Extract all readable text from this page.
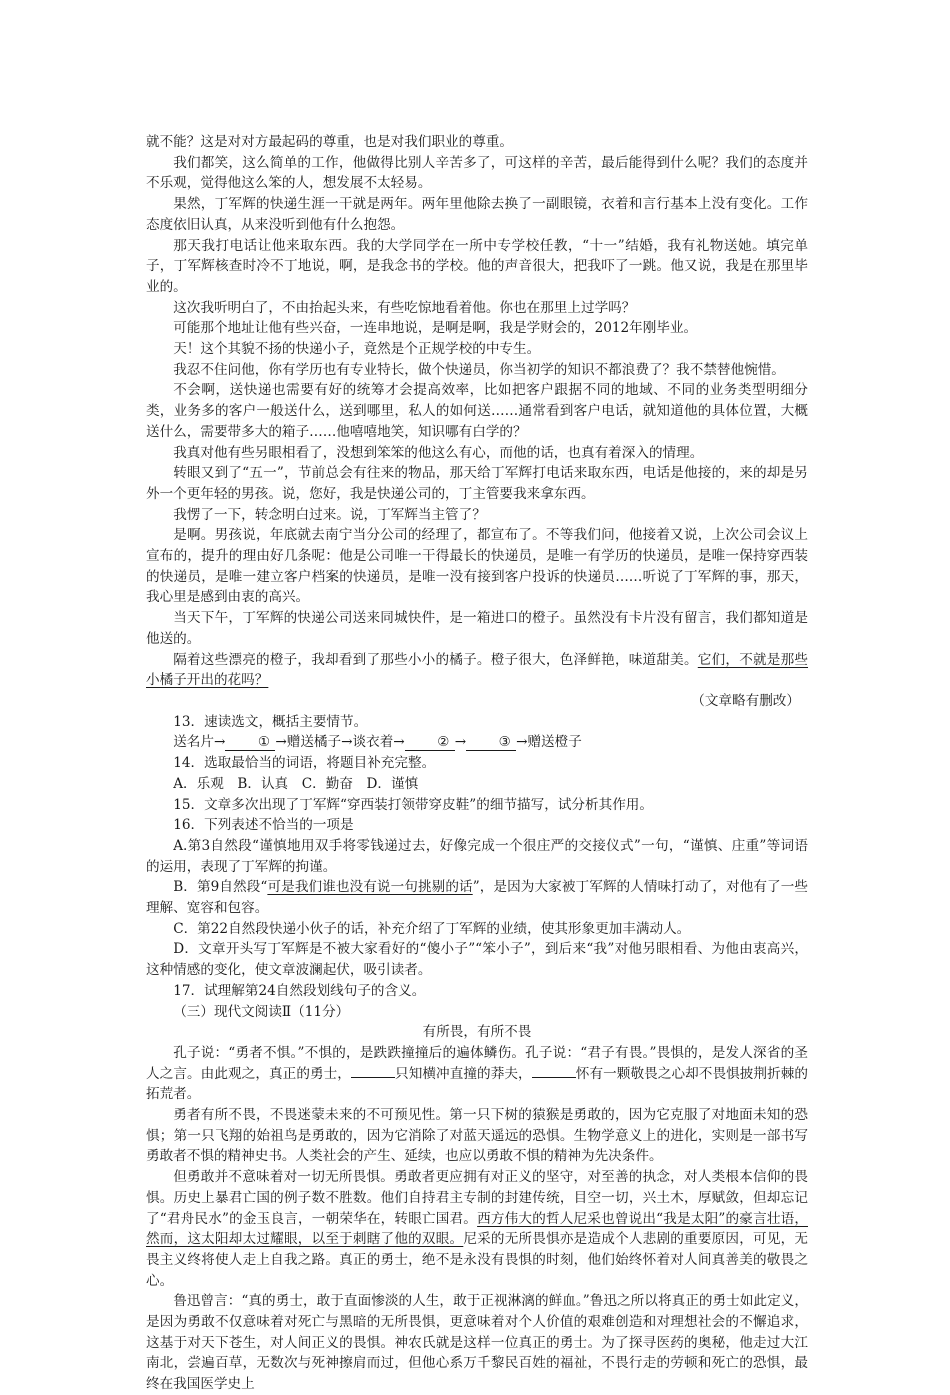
就不能？这是对对方最起码的尊重，也是对我们职业的尊重。

我们都笑，这么简单的工作，他做得比别人辛苦多了，可这样的辛苦，最后能得到什么呢？我们的态度并不乐观，觉得他这么笨的人，想发展不太轻易。

果然，丁军辉的快递生涯一干就是两年。两年里他除去换了一副眼镜，衣着和言行基本上没有变化。工作态度依旧认真，从来没听到他有什么抱怨。

那天我打电话让他来取东西。我的大学同学在一所中专学校任教，“十一”结婚，我有礼物送她。填完单子，丁军辉核查时冷不丁地说，啊，是我念书的学校。他的声音很大，把我吓了一跳。他又说，我是在那里毕业的。

这次我听明白了，不由抬起头来，有些吃惊地看着他。你也在那里上过学吗？

可能那个地址让他有些兴奋，一连串地说，是啊是啊，我是学财会的，2012年刚毕业。

天！这个其貌不扬的快递小子，竟然是个正规学校的中专生。

我忍不住问他，你有学历也有专业特长，做个快递员，你当初学的知识不都浪费了？我不禁替他惋惜。

不会啊，送快递也需要有好的统筹才会提高效率，比如把客户跟据不同的地域、不同的业务类型明细分类，业务多的客户一般送什么，送到哪里，私人的如何送……通常看到客户电话，就知道他的具体位置，大概送什么，需要带多大的箱子……他嘻嘻地笑，知识哪有白学的？

我真对他有些另眼相看了，没想到笨笨的他这么有心，而他的话，也真有着深入的情理。

转眼又到了“五一”，节前总会有往来的物品，那天给丁军辉打电话来取东西，电话是他接的，来的却是另外一个更年轻的男孩。说，您好，我是快递公司的，丁主管要我来拿东西。

我愣了一下，转念明白过来。说，丁军辉当主管了？

是啊。男孩说，年底就去南宁当分公司的经理了，都宣布了。不等我们问，他接着又说，上次公司会议上宣布的，提升的理由好几条呢：他是公司唯一干得最长的快递员，是唯一有学历的快递员，是唯一保持穿西装的快递员，是唯一建立客户档案的快递员，是唯一没有接到客户投诉的快递员……听说了丁军辉的事，那天，我心里是感到由衷的高兴。

当天下午，丁军辉的快递公司送来同城快件，是一箱进口的橙子。虽然没有卡片没有留言，我们都知道是他送的。

隔着这些漂亮的橙子，我却看到了那些小小的橘子。橙子很大，色泽鲜艳，味道甜美。它们，不就是那些小橘子开出的花吗？

（文章略有删改）

13．速读选文，概括主要情节。

送名片→ ① →赠送橘子→谈衣着→ ② → ③ →赠送橙子

14．选取最恰当的词语，将题目补充完整。

A．乐观　B．认真　C．勤奋　D．谨慎

15．文章多次出现了丁军辉“穿西装打领带穿皮鞋”的细节描写，试分析其作用。

16．下列表述不恰当的一项是

A.第3自然段“谨慎地用双手将零钱递过去，好像完成一个很庄严的交接仪式”一句，“谨慎、庄重”等词语的运用，表现了丁军辉的拘谨。

B．第9自然段“可是我们谁也没有说一句挑剔的话”，是因为大家被丁军辉的人情味打动了，对他有了一些理解、宽容和包容。

C．第22自然段快递小伙子的话，补充介绍了丁军辉的业绩，使其形象更加丰满动人。

D．文章开头写丁军辉是不被大家看好的“傻小子”“笨小子”，到后来“我”对他另眼相看、为他由衷高兴，这种情感的变化，使文章波澜起伏，吸引读者。

17．试理解第24自然段划线句子的含义。

（三）现代文阅读Ⅱ（11分）

有所畏，有所不畏

孔子说：“勇者不惧。”不惧的，是跌跌撞撞后的遍体鳞伤。孔子说：“君子有畏。”畏惧的，是发人深省的圣人之言。由此观之，真正的勇士，	只知横冲直撞的莽夫，	怀有一颗敬畏之心却不畏惧披荆折棘的拓荒者。

勇者有所不畏，不畏迷蒙未来的不可预见性。第一只下树的猿猴是勇敢的，因为它克服了对地面未知的恐惧；第一只飞翔的始祖鸟是勇敢的，因为它消除了对蓝天遥远的恐惧。生物学意义上的进化，实则是一部书写勇敢者不惧的精神史书。人类社会的产生、延续，也应以勇敢不惧的精神为先决条件。

但勇敢并不意味着对一切无所畏惧。勇敢者更应拥有对正义的坚守，对至善的执念，对人类根本信仰的畏惧。历史上暴君亡国的例子数不胜数。他们自持君主专制的封建传统，目空一切，兴土木，厚赋敛，但却忘记了“君舟民水”的金玉良言，一朝荣华在，转眼亡国君。西方伟大的哲人尼采也曾说出“我是太阳”的豪言壮语，然而，这太阳却太过耀眼，以至于刺瞎了他的双眼。尼采的无所畏惧亦是造成个人悲剧的重要原因，可见，无畏主义终将使人走上自我之路。真正的勇士，绝不是永没有畏惧的时刻，他们始终怀着对人间真善美的敬畏之心。

鲁迅曾言：“真的勇士，敢于直面惨淡的人生，敢于正视淋漓的鲜血。”鲁迅之所以将真正的勇士如此定义，是因为勇敢不仅意味着对死亡与黑暗的无所畏惧，更意味着对个人价值的艰难创造和对理想社会的不懈追求，这基于对天下苍生，对人间正义的畏惧。神农氏就是这样一位真正的勇士。为了探寻医药的奥秘，他走过大江南北，尝遍百草，无数次与死神擦肩而过，但他心系万千黎民百姓的福祉，不畏行走的劳顿和死亡的恐惧，最终在我国医学史上
